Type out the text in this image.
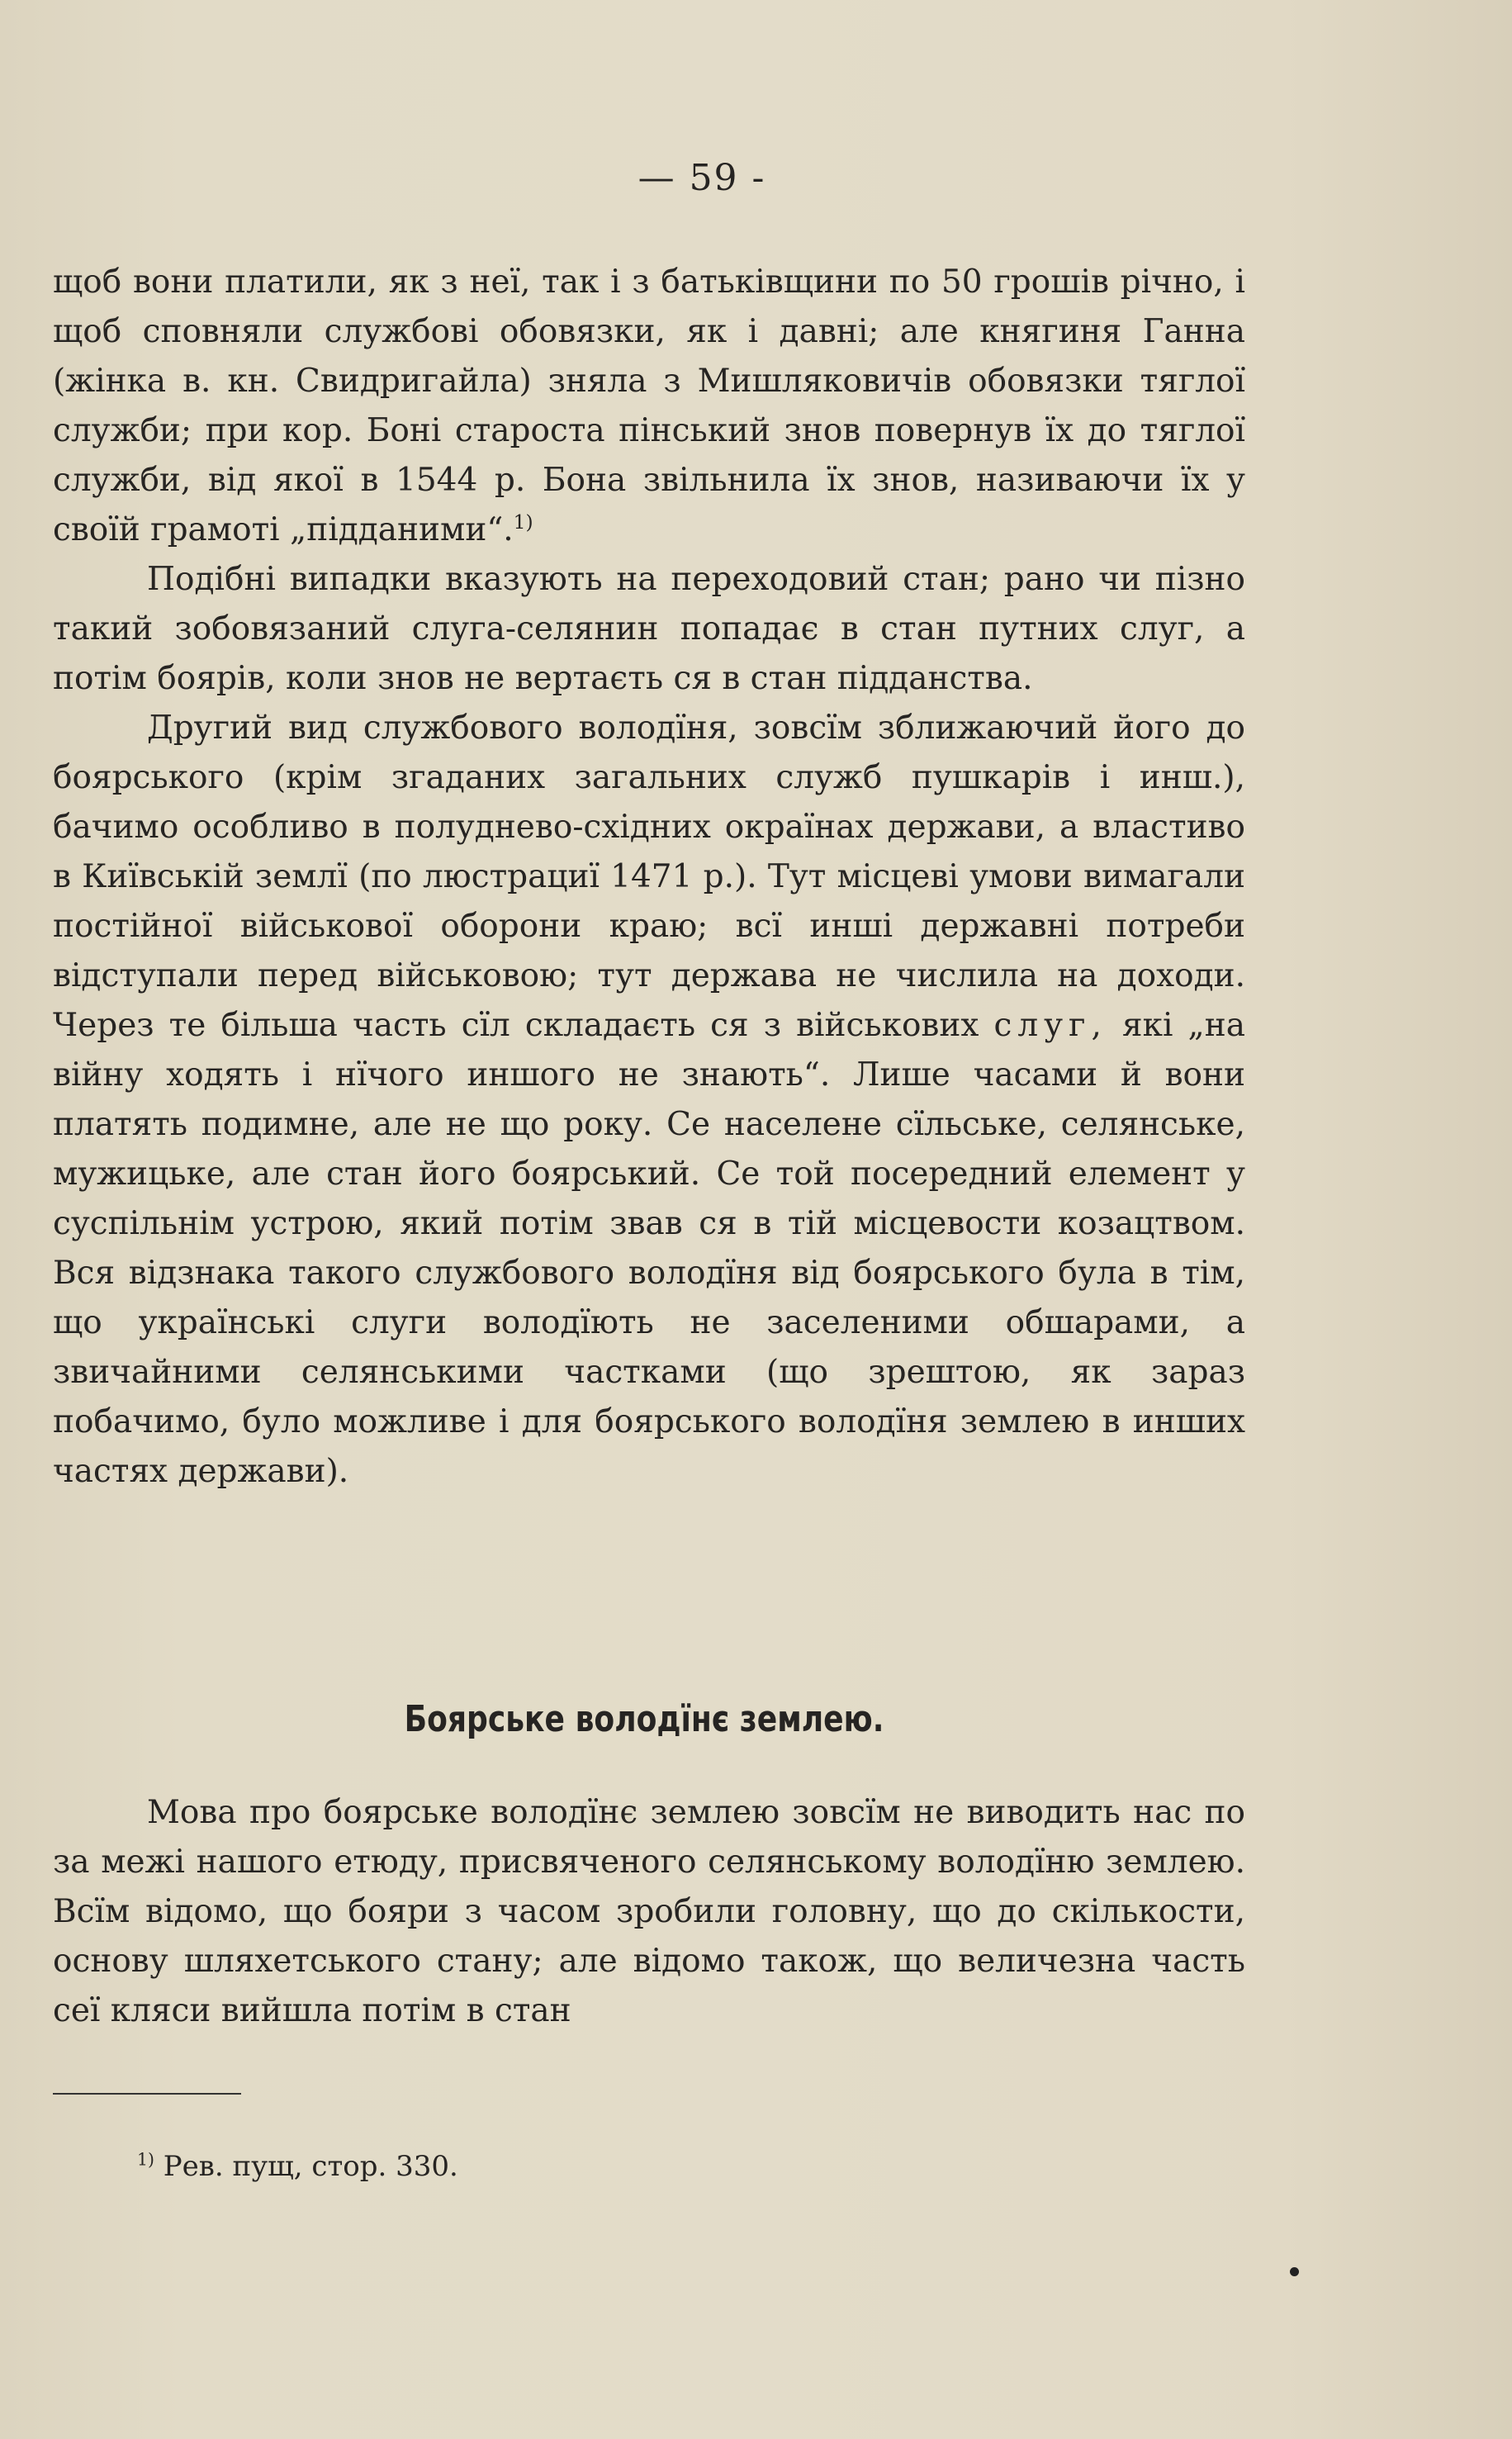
— 59 -

щоб вони платили, як з неї, так і з батьківщини по 50 грошів річно, і щоб сповняли службові обовязки, як і давні; але княгиня Ганна (жінка в. кн. Свидригайла) зняла з Мишляковичів обовязки тяглої служби; при кор. Боні староста пінський знов повернув їх до тяглої служби, від якої в 1544 р. Бона звільнила їх знов, називаючи їх у своїй грамоті „підданими“.$^{1)}$

Подібні випадки вказують на переходовий стан; рано чи пізно такий зобовязаний слуга-селянин попадає в стан путних слуг, а потім боярів, коли знов не вертаєть ся в стан підданства.

Другий вид службового володїня, зовсїм зближаючий його до боярського (крім згаданих загальних служб пушкарів і инш.), бачимо особливо в полуднево-східних окраїнах держави, а властиво в Київській землї (по люстрациї 1471 р.). Тут місцеві умови вимагали постійної військової оборони краю; всї инші державні потреби відступали перед військовою; тут держава не числила на доходи. Через те більша часть сїл складаєть ся з військових слуг, які „на війну ходять і нїчого иншого не знають“. Лише часами й вони платять подимне, але не що року. Се населене сїльське, селянське, мужицьке, але стан його боярський. Се той посередний елемент у суспільнім устрою, який потім звав ся в тій місцевости козацтвом. Вся відзнака такого службового володїня від боярського була в тім, що українські слуги володїють не заселеними обшарами, а звичайними селянськими частками (що зрештою, як зараз побачимо, було можливе і для боярського володїня землею в инших частях держави).

Боярське володїнє землею.

Мова про боярське володїнє землею зовсїм не виводить нас по за межі нашого етюду, присвяченого селянському володїню землею. Всїм відомо, що бояри з часом зробили головну, що до скількости, основу шляхетського стану; але відомо також, що величезна часть сеї кляси вийшла потім в стан

$^{1)}$ Рев. пущ, стор. 330.
